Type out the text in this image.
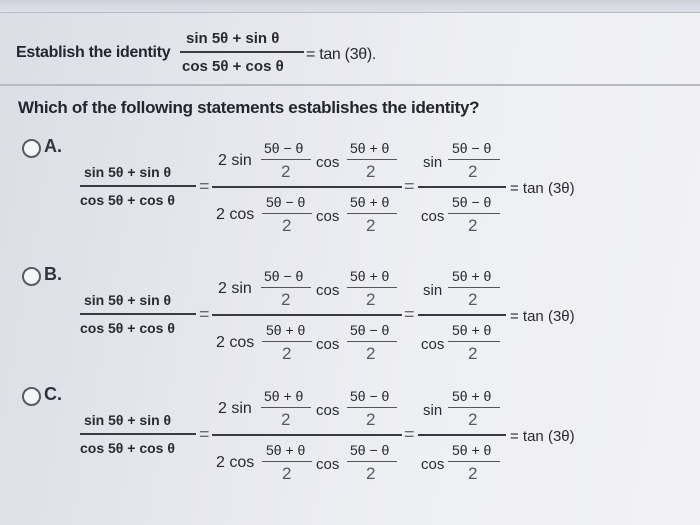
Establish the identity
sin 5θ + sin θ
cos 5θ + cos θ
= tan (3θ).
Which of the following statements establishes the identity?
A.
sin 5θ + sin θ
cos 5θ + cos θ
=
2 sin
5θ − θ
2 cos
5θ + θ
2
2 cos
5θ − θ
2 cos
5θ + θ
2
=
sin
5θ − θ
2
cos
5θ − θ
2
= tan (3θ)
B.
sin 5θ + sin θ
cos 5θ + cos θ
=
2 sin
5θ − θ
2 cos
5θ + θ
2
2 cos
5θ + θ
2 cos
5θ − θ
2
=
sin
5θ + θ
2
cos
5θ + θ
2
= tan (3θ)
C.
sin 5θ + sin θ
cos 5θ + cos θ
=
2 sin
5θ + θ
2 cos
5θ − θ
2
2 cos
5θ + θ
2 cos
5θ − θ
2
=
sin
5θ + θ
2
cos
5θ + θ
2
= tan (3θ)
